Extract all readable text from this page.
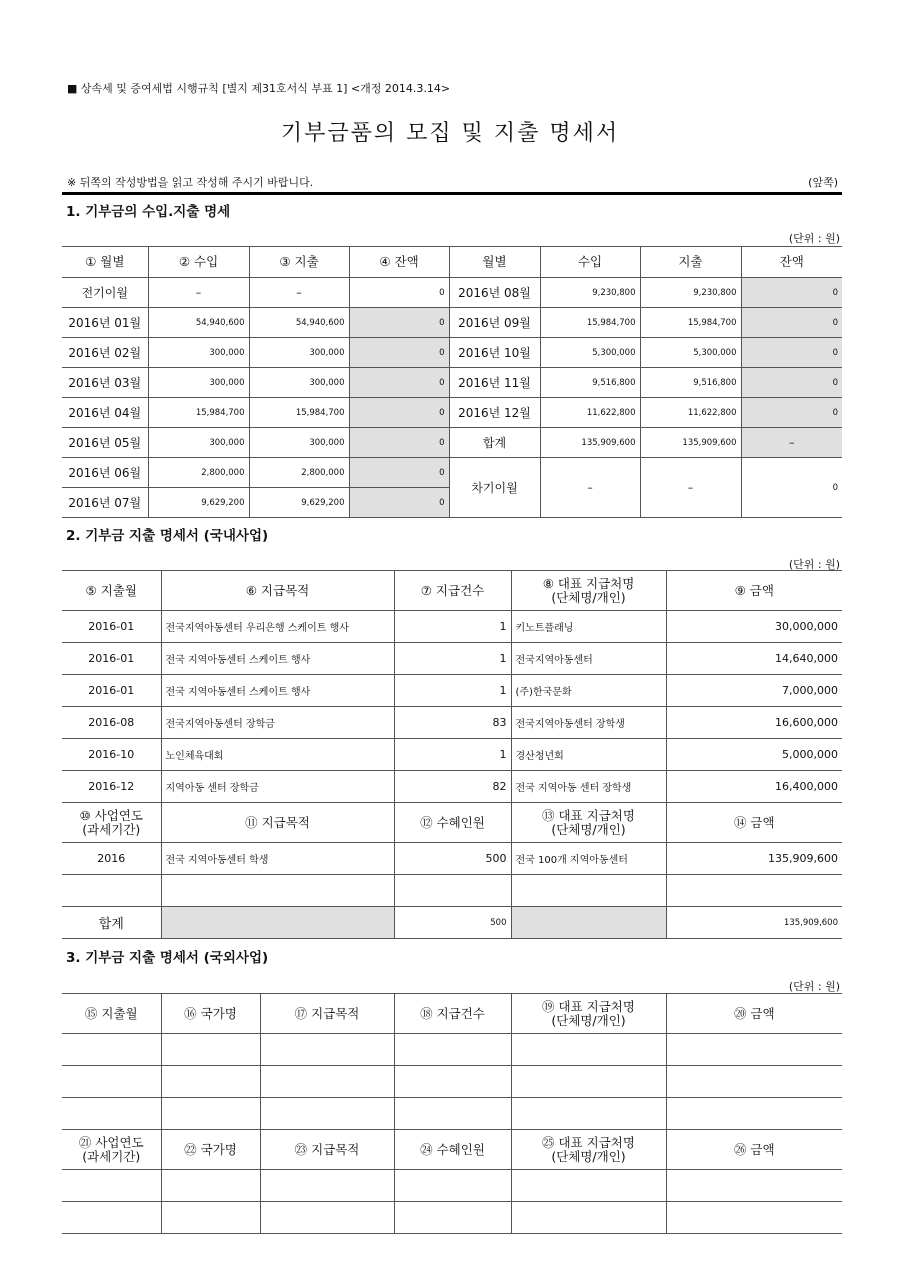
■ 상속세 및 증여세법 시행규칙 [별지 제31호서식 부표 1] <개정 2014.3.14>
기부금품의 모집 및 지출 명세서
※ 뒤쪽의 작성방법을 읽고 작성해 주시기 바랍니다.	(앞쪽)
1. 기부금의 수입.지출 명세
(단위 : 원)
① 월별	② 수입	③ 지출	④ 잔액	월별	수입	지출	잔액
전기이월	–	–	0	2016년 08월	9,230,800	9,230,800	0
2016년 01월	54,940,600	54,940,600	0	2016년 09월	15,984,700	15,984,700	0
2016년 02월	300,000	300,000	0	2016년 10월	5,300,000	5,300,000	0
2016년 03월	300,000	300,000	0	2016년 11월	9,516,800	9,516,800	0
2016년 04월	15,984,700	15,984,700	0	2016년 12월	11,622,800	11,622,800	0
2016년 05월	300,000	300,000	0	합계	135,909,600	135,909,600	–
2016년 06월	2,800,000	2,800,000	0	차기이월	–	–	0
2016년 07월	9,629,200	9,629,200	0				
2. 기부금 지출 명세서 (국내사업)
(단위 : 원)
⑤ 지출월	⑥ 지급목적	⑦ 지급건수	⑧ 대표 지급처명
(단체명/개인)	⑨ 금액
2016-01	전국지역아동센터 우리은행 스케이트 행사	1	키노트플래닝	30,000,000
2016-01	전국 지역아동센터 스케이트 행사	1	전국지역아동센터	14,640,000
2016-01	전국 지역아동센터 스케이트 행사	1	(주)한국문화	7,000,000
2016-08	전국지역아동센터 장학금	83	전국지역아동센터 장학생	16,600,000
2016-10	노인체육대회	1	경산청년회	5,000,000
2016-12	지역아동 센터 장학금	82	전국 지역아동 센터 장학생	16,400,000
⑩ 사업연도
(과세기간)	⑪ 지급목적	⑫ 수혜인원	⑬ 대표 지급처명
(단체명/개인)	⑭ 금액
2016	전국 지역아동센터 학생	500	전국 100개 지역아동센터	135,909,600

합계		500		135,909,600
3. 기부금 지출 명세서 (국외사업)
(단위 : 원)
⑮ 지출월	⑯ 국가명	⑰ 지급목적	⑱ 지급건수	⑲ 대표 지급처명
(단체명/개인)	⑳ 금액

㉑ 사업연도
(과세기간)	㉒ 국가명	㉓ 지급목적	㉔ 수혜인원	㉕ 대표 지급처명
(단체명/개인)	㉖ 금액
